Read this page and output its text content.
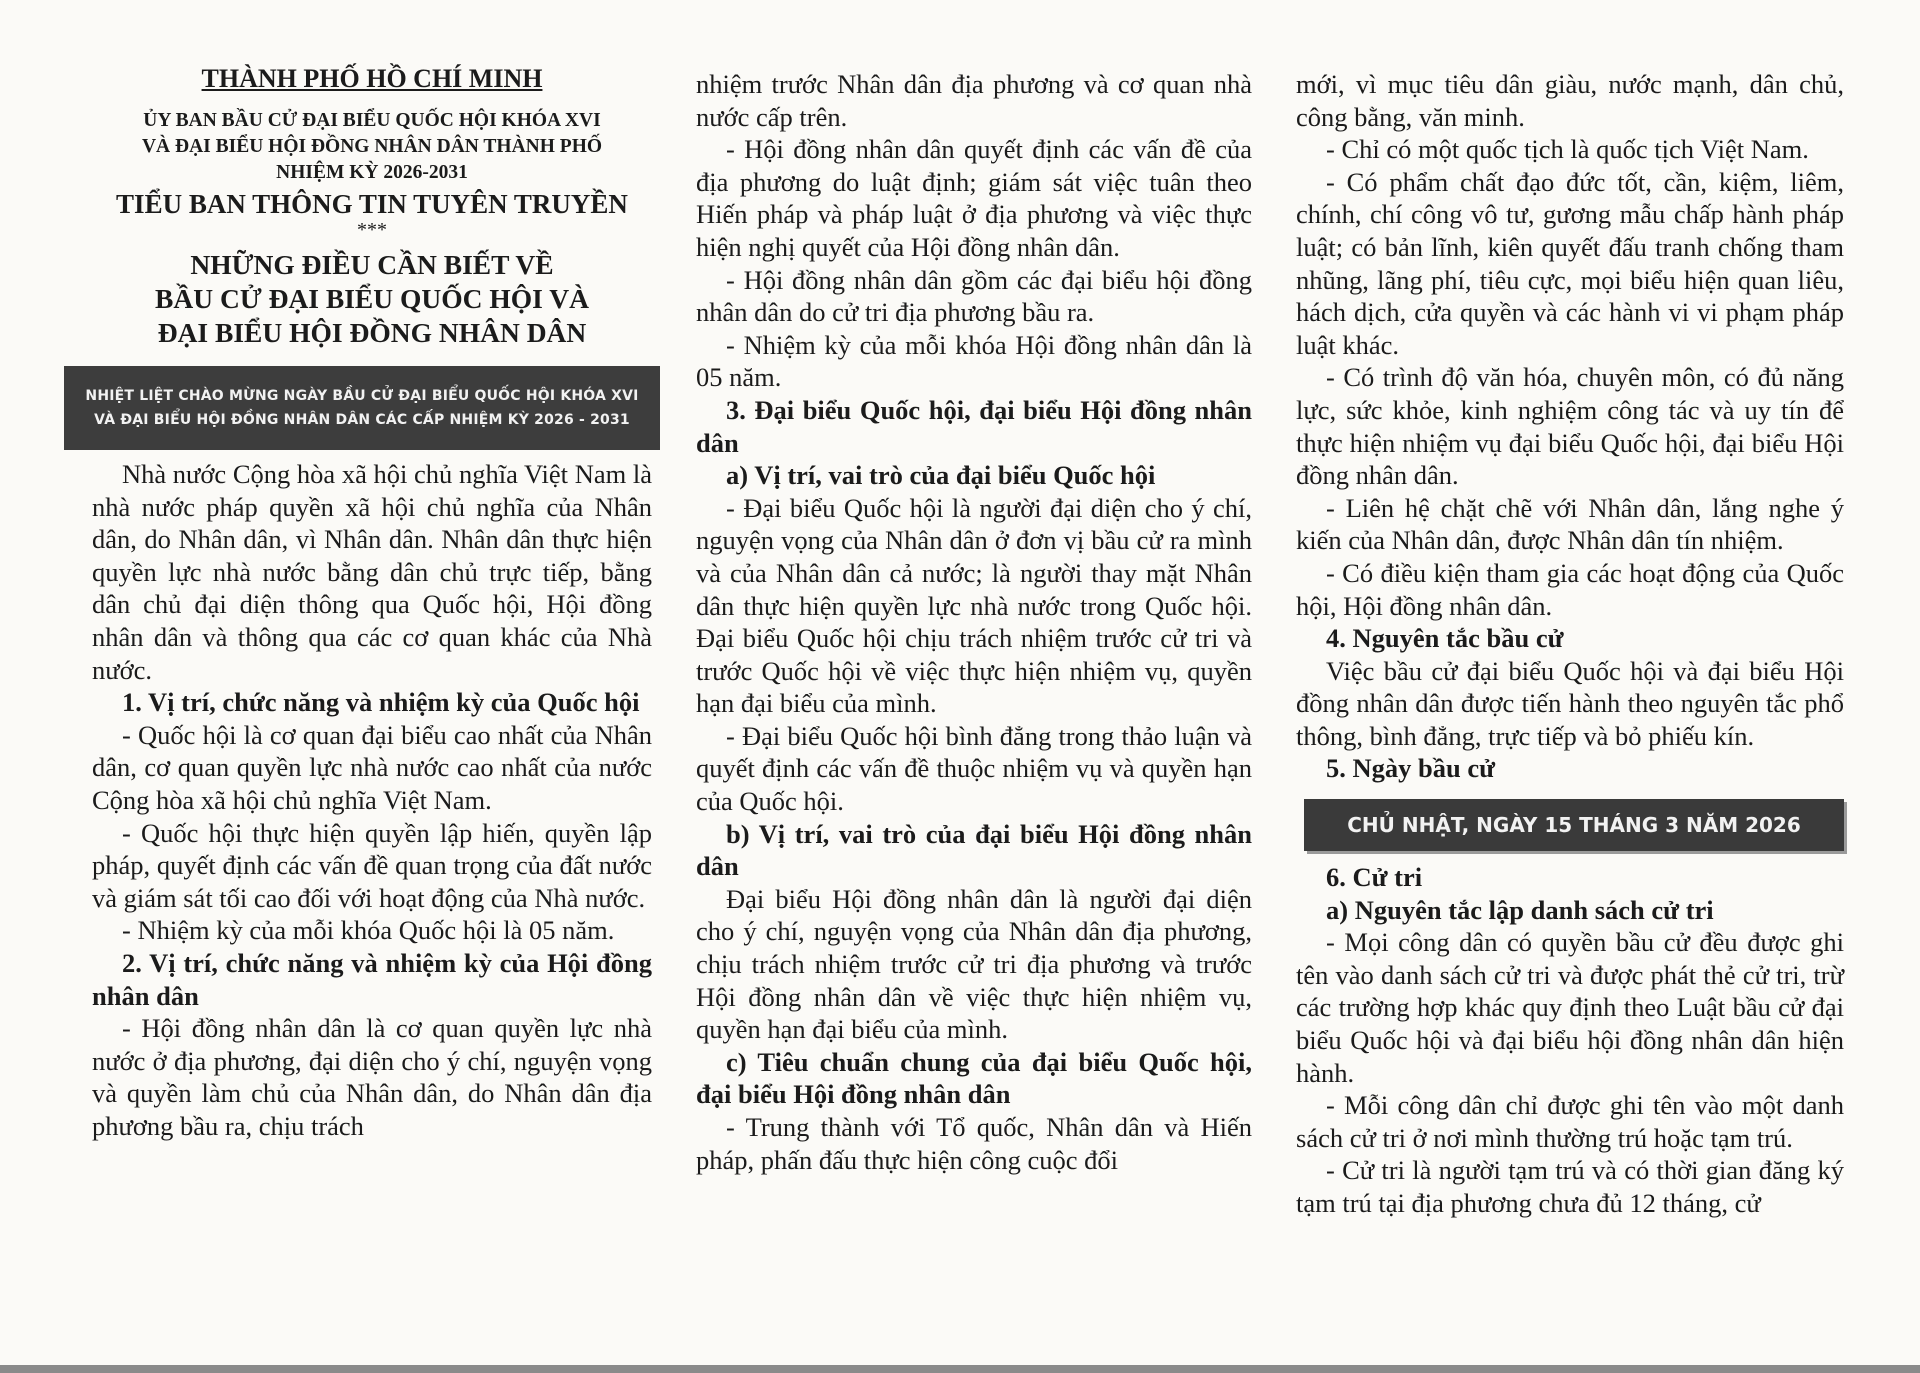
THÀNH PHỐ HỒ CHÍ MINH
ỦY BAN BẦU CỬ ĐẠI BIỂU QUỐC HỘI KHÓA XVI
VÀ ĐẠI BIỂU HỘI ĐỒNG NHÂN DÂN THÀNH PHỐ
NHIỆM KỲ 2026-2031
TIỂU BAN THÔNG TIN TUYÊN TRUYỀN
***
NHỮNG ĐIỀU CẦN BIẾT VỀ
BẦU CỬ ĐẠI BIỂU QUỐC HỘI VÀ
ĐẠI BIỂU HỘI ĐỒNG NHÂN DÂN
NHIỆT LIỆT CHÀO MỪNG NGÀY BẦU CỬ ĐẠI BIỂU QUỐC HỘI KHÓA XVI
VÀ ĐẠI BIỂU HỘI ĐỒNG NHÂN DÂN CÁC CẤP NHIỆM KỲ 2026 - 2031

Nhà nước Cộng hòa xã hội chủ nghĩa Việt Nam là nhà nước pháp quyền xã hội chủ nghĩa của Nhân dân, do Nhân dân, vì Nhân dân. Nhân dân thực hiện quyền lực nhà nước bằng dân chủ trực tiếp, bằng dân chủ đại diện thông qua Quốc hội, Hội đồng nhân dân và thông qua các cơ quan khác của Nhà nước.

1. Vị trí, chức năng và nhiệm kỳ của Quốc hội

- Quốc hội là cơ quan đại biểu cao nhất của Nhân dân, cơ quan quyền lực nhà nước cao nhất của nước Cộng hòa xã hội chủ nghĩa Việt Nam.

- Quốc hội thực hiện quyền lập hiến, quyền lập pháp, quyết định các vấn đề quan trọng của đất nước và giám sát tối cao đối với hoạt động của Nhà nước.

- Nhiệm kỳ của mỗi khóa Quốc hội là 05 năm.

2. Vị trí, chức năng và nhiệm kỳ của Hội đồng nhân dân

- Hội đồng nhân dân là cơ quan quyền lực nhà nước ở địa phương, đại diện cho ý chí, nguyện vọng và quyền làm chủ của Nhân dân, do Nhân dân địa phương bầu ra, chịu trách

nhiệm trước Nhân dân địa phương và cơ quan nhà nước cấp trên.

- Hội đồng nhân dân quyết định các vấn đề của địa phương do luật định; giám sát việc tuân theo Hiến pháp và pháp luật ở địa phương và việc thực hiện nghị quyết của Hội đồng nhân dân.

- Hội đồng nhân dân gồm các đại biểu hội đồng nhân dân do cử tri địa phương bầu ra.

- Nhiệm kỳ của mỗi khóa Hội đồng nhân dân là 05 năm.

3. Đại biểu Quốc hội, đại biểu Hội đồng nhân dân

a) Vị trí, vai trò của đại biểu Quốc hội

- Đại biểu Quốc hội là người đại diện cho ý chí, nguyện vọng của Nhân dân ở đơn vị bầu cử ra mình và của Nhân dân cả nước; là người thay mặt Nhân dân thực hiện quyền lực nhà nước trong Quốc hội. Đại biểu Quốc hội chịu trách nhiệm trước cử tri và trước Quốc hội về việc thực hiện nhiệm vụ, quyền hạn đại biểu của mình.

- Đại biểu Quốc hội bình đẳng trong thảo luận và quyết định các vấn đề thuộc nhiệm vụ và quyền hạn của Quốc hội.

b) Vị trí, vai trò của đại biểu Hội đồng nhân dân

Đại biểu Hội đồng nhân dân là người đại diện cho ý chí, nguyện vọng của Nhân dân địa phương, chịu trách nhiệm trước cử tri địa phương và trước Hội đồng nhân dân về việc thực hiện nhiệm vụ, quyền hạn đại biểu của mình.

c) Tiêu chuẩn chung của đại biểu Quốc hội, đại biểu Hội đồng nhân dân

- Trung thành với Tổ quốc, Nhân dân và Hiến pháp, phấn đấu thực hiện công cuộc đổi

mới, vì mục tiêu dân giàu, nước mạnh, dân chủ, công bằng, văn minh.

- Chỉ có một quốc tịch là quốc tịch Việt Nam.

- Có phẩm chất đạo đức tốt, cần, kiệm, liêm, chính, chí công vô tư, gương mẫu chấp hành pháp luật; có bản lĩnh, kiên quyết đấu tranh chống tham nhũng, lãng phí, tiêu cực, mọi biểu hiện quan liêu, hách dịch, cửa quyền và các hành vi vi phạm pháp luật khác.

- Có trình độ văn hóa, chuyên môn, có đủ năng lực, sức khỏe, kinh nghiệm công tác và uy tín để thực hiện nhiệm vụ đại biểu Quốc hội, đại biểu Hội đồng nhân dân.

- Liên hệ chặt chẽ với Nhân dân, lắng nghe ý kiến của Nhân dân, được Nhân dân tín nhiệm.

- Có điều kiện tham gia các hoạt động của Quốc hội, Hội đồng nhân dân.

4. Nguyên tắc bầu cử

Việc bầu cử đại biểu Quốc hội và đại biểu Hội đồng nhân dân được tiến hành theo nguyên tắc phổ thông, bình đẳng, trực tiếp và bỏ phiếu kín.

5. Ngày bầu cử

CHỦ NHẬT, NGÀY 15 THÁNG 3 NĂM 2026

6. Cử tri

a) Nguyên tắc lập danh sách cử tri

- Mọi công dân có quyền bầu cử đều được ghi tên vào danh sách cử tri và được phát thẻ cử tri, trừ các trường hợp khác quy định theo Luật bầu cử đại biểu Quốc hội và đại biểu hội đồng nhân dân hiện hành.

- Mỗi công dân chỉ được ghi tên vào một danh sách cử tri ở nơi mình thường trú hoặc tạm trú.

- Cử tri là người tạm trú và có thời gian đăng ký tạm trú tại địa phương chưa đủ 12 tháng, cử
